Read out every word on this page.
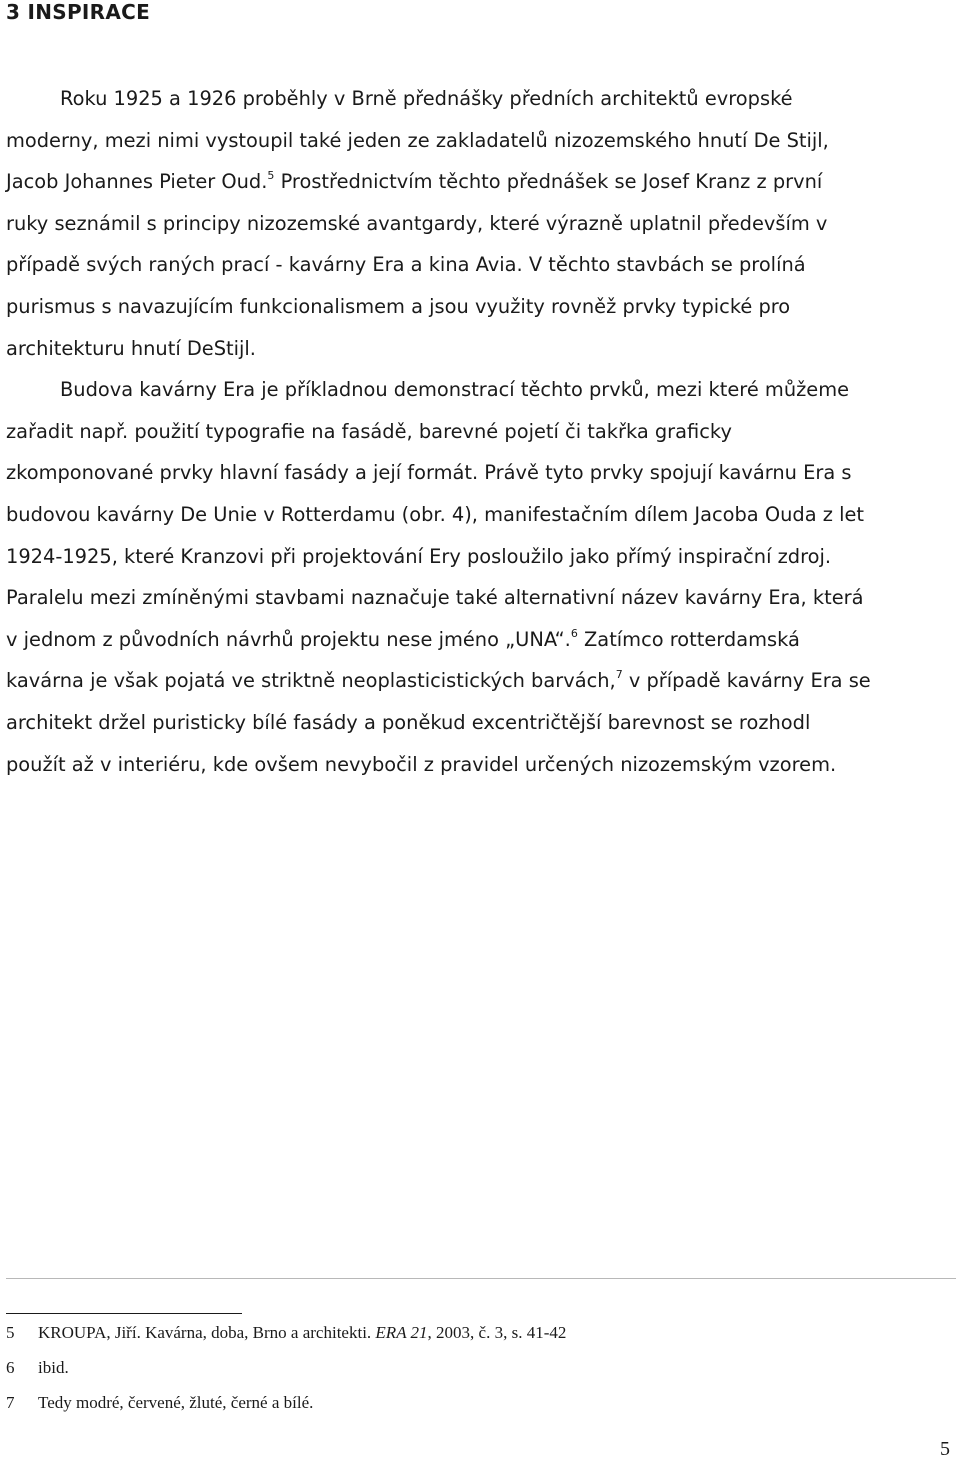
3 INSPIRACE
Roku 1925 a 1926 proběhly v Brně přednášky předních architektů evropské
moderny, mezi nimi vystoupil také jeden ze zakladatelů nizozemského hnutí De Stijl,
Jacob Johannes Pieter Oud.$^5$ Prostřednictvím těchto přednášek se Josef Kranz z první
ruky seznámil s principy nizozemské avantgardy, které výrazně uplatnil především v
případě svých raných prací - kavárny Era a kina Avia. V těchto stavbách se prolíná
purismus s navazujícím funkcionalismem a jsou využity rovněž prvky typické pro
architekturu hnutí DeStijl.
Budova kavárny Era je příkladnou demonstrací těchto prvků, mezi které můžeme
zařadit např. použití typografie na fasádě, barevné pojetí či takřka graficky
zkomponované prvky hlavní fasády a její formát. Právě tyto prvky spojují kavárnu Era s
budovou kavárny De Unie v Rotterdamu (obr. 4), manifestačním dílem Jacoba Ouda z let
1924-1925, které Kranzovi při projektování Ery posloužilo jako přímý inspirační zdroj.
Paralelu mezi zmíněnými stavbami naznačuje také alternativní název kavárny Era, která
v jednom z původních návrhů projektu nese jméno „UNA“.$^6$ Zatímco rotterdamská
kavárna je však pojatá ve striktně neoplasticistických barvách,$^7$ v případě kavárny Era se
architekt držel puristicky bílé fasády a poněkud excentričtější barevnost se rozhodl
použít až v interiéru, kde ovšem nevybočil z pravidel určených nizozemským vzorem.
5 KROUPA, Jiří. Kavárna, doba, Brno a architekti. ERA 21, 2003, č. 3, s. 41-42
6 ibid.
7 Tedy modré, červené, žluté, černé a bílé.
5
